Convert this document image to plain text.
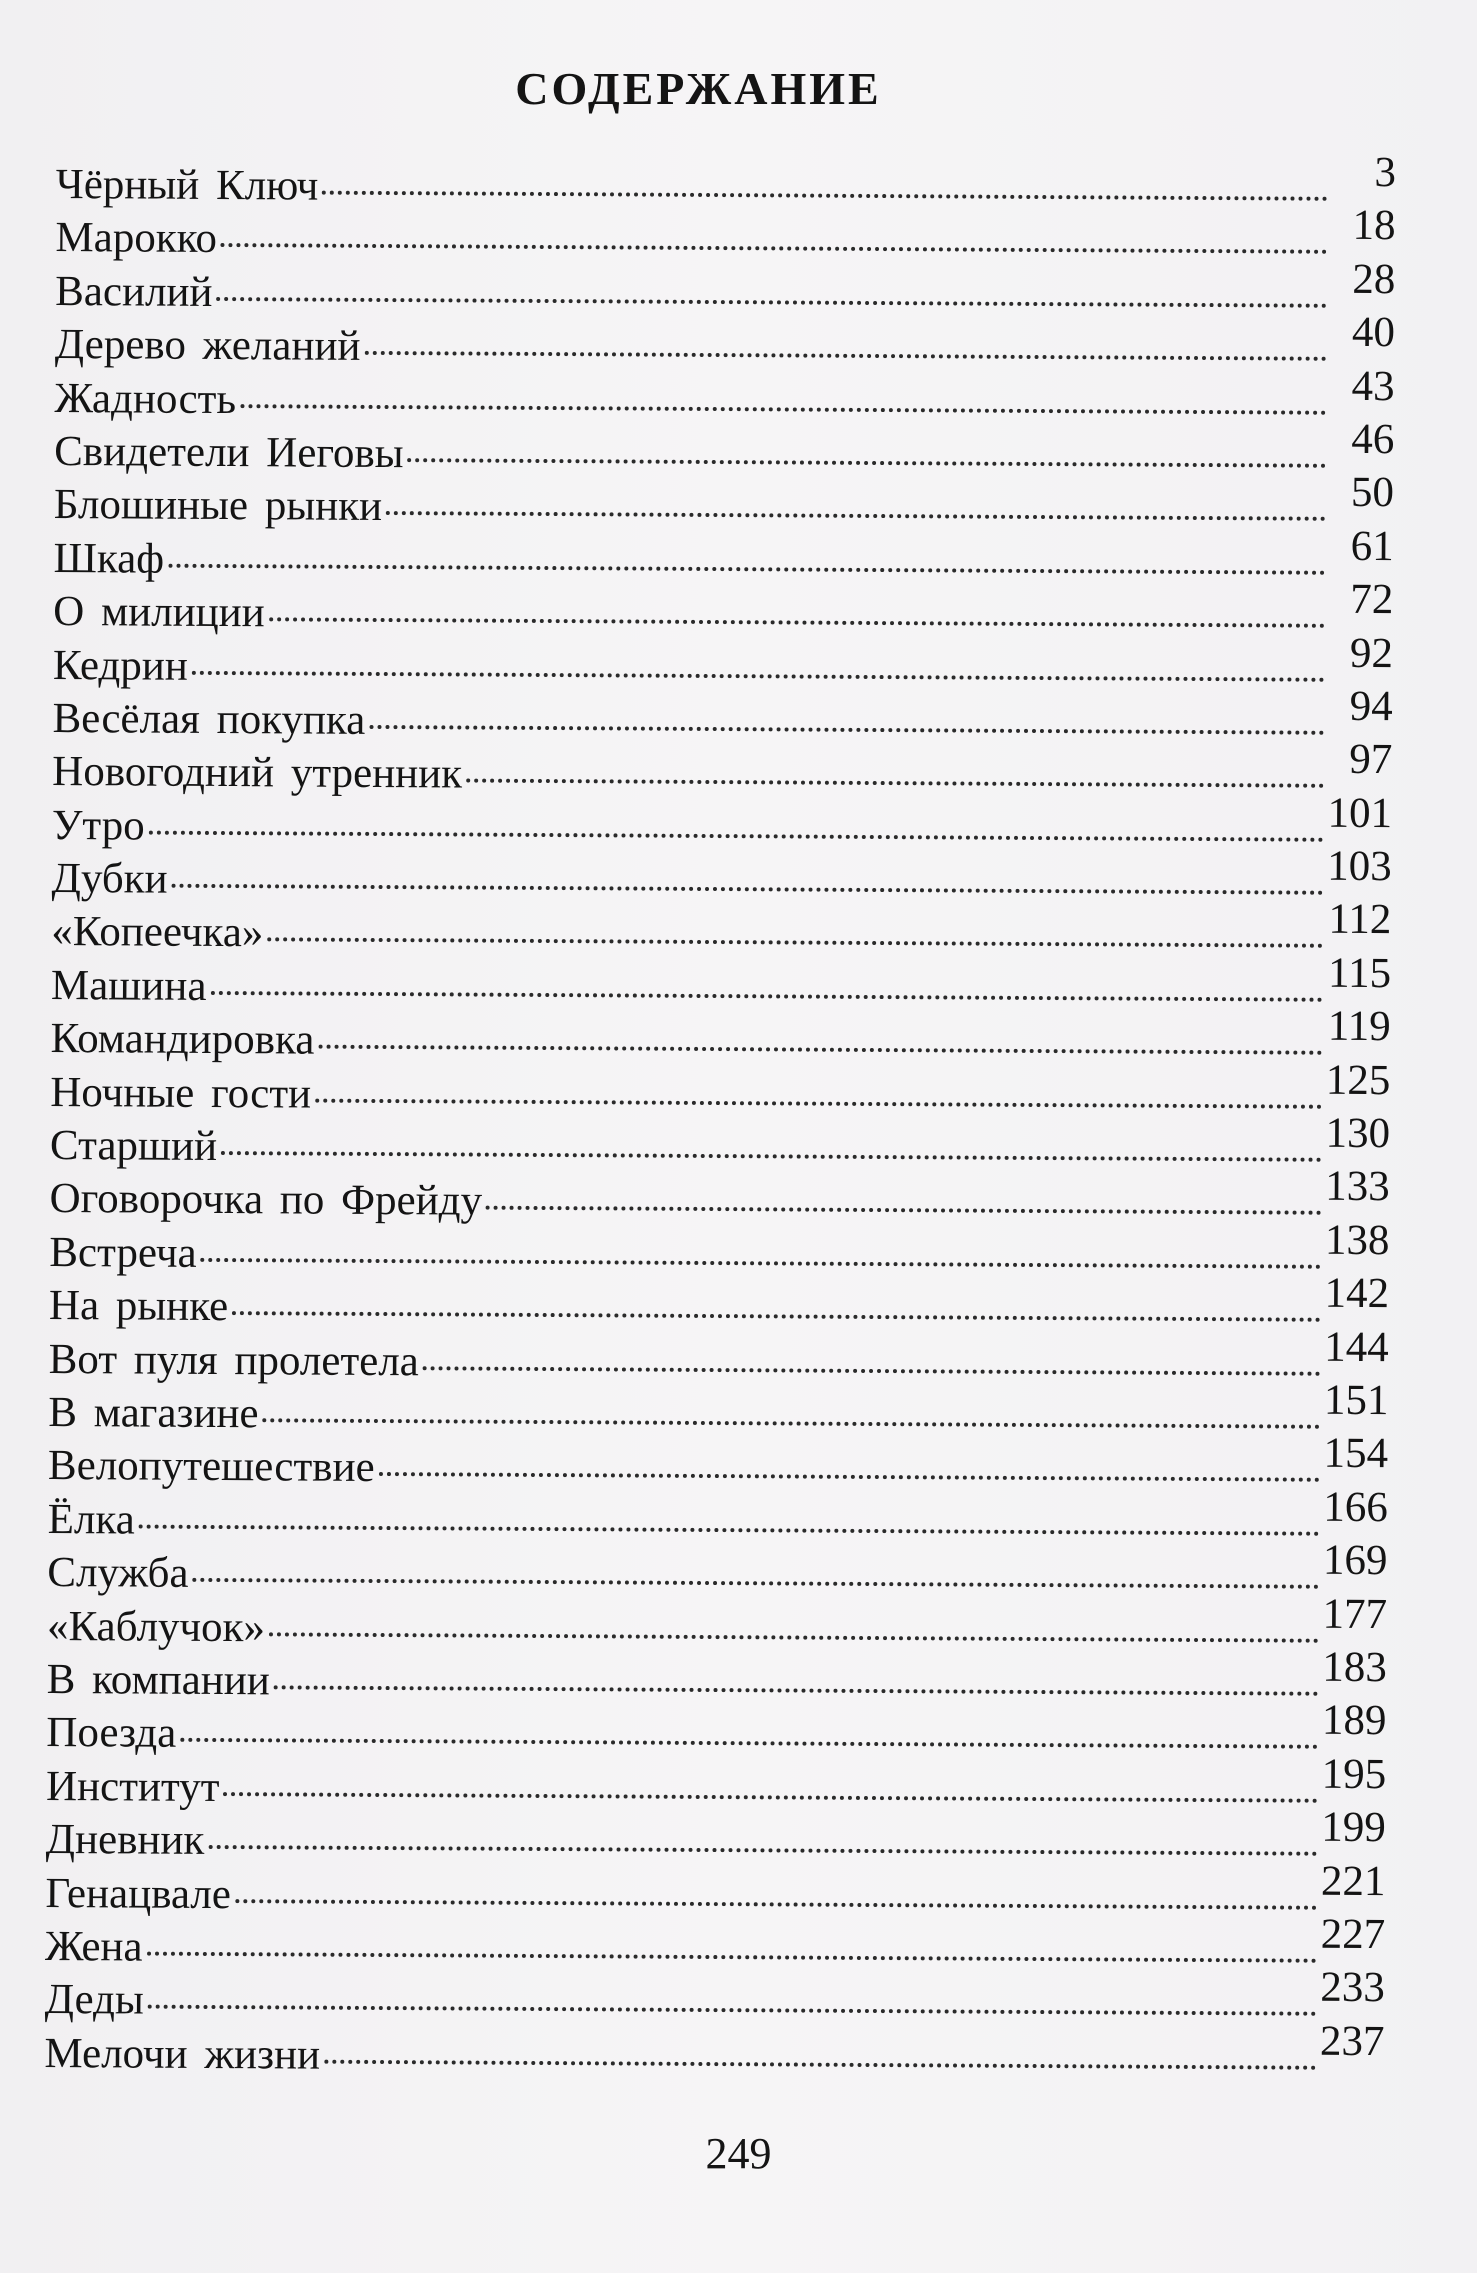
СОДЕРЖАНИЕ
Чёрный Ключ	3
Марокко	18
Василий	28
Дерево желаний	40
Жадность	43
Свидетели Иеговы	46
Блошиные рынки	50
Шкаф	61
О милиции	72
Кедрин	92
Весёлая покупка	94
Новогодний утренник	97
Утро	101
Дубки	103
«Копеечка»	112
Машина	115
Командировка	119
Ночные гости	125
Старший	130
Оговорочка по Фрейду	133
Встреча	138
На рынке	142
Вот пуля пролетела	144
В магазине	151
Велопутешествие	154
Ёлка	166
Служба	169
«Каблучок»	177
В компании	183
Поезда	189
Институт	195
Дневник	199
Генацвале	221
Жена	227
Деды	233
Мелочи жизни	237
249
